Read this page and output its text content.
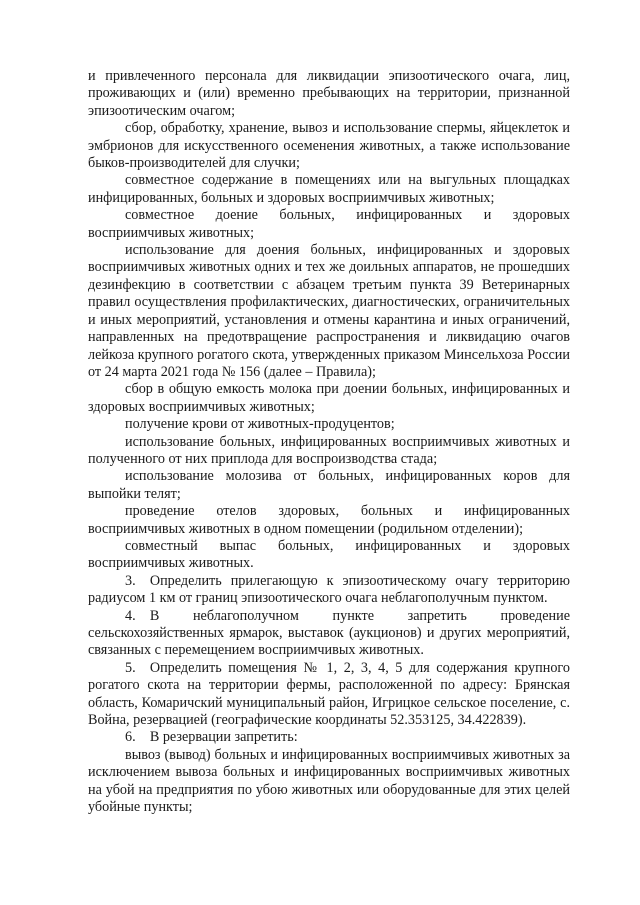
и привлеченного персонала для ликвидации эпизоотического очага, лиц, проживающих и (или) временно пребывающих на территории, признанной эпизоотическим очагом;

сбор, обработку, хранение, вывоз и использование спермы, яйцеклеток и эмбрионов для искусственного осеменения животных, а также использование быков-производителей для случки;

совместное содержание в помещениях или на выгульных площадках инфицированных, больных и здоровых восприимчивых животных;

совместное доение больных, инфицированных и здоровых восприимчивых животных;

использование для доения больных, инфицированных и здоровых восприимчивых животных одних и тех же доильных аппаратов, не прошедших дезинфекцию в соответствии с абзацем третьим пункта 39 Ветеринарных правил осуществления профилактических, диагностических, ограничительных и иных мероприятий, установления и отмены карантина и иных ограничений, направленных на предотвращение распространения и ликвидацию очагов лейкоза крупного рогатого скота, утвержденных приказом Минсельхоза России от 24 марта 2021 года № 156 (далее – Правила);

сбор в общую емкость молока при доении больных, инфицированных и здоровых восприимчивых животных;

получение крови от животных-продуцентов;

использование больных, инфицированных восприимчивых животных и полученного от них приплода для воспроизводства стада;

использование молозива от больных, инфицированных коров для выпойки телят;

проведение отелов здоровых, больных и инфицированных восприимчивых животных в одном помещении (родильном отделении);

совместный выпас больных, инфицированных и здоровых восприимчивых животных.

3. Определить прилегающую к эпизоотическому очагу территорию радиусом 1 км от границ эпизоотического очага неблагополучным пунктом.

4. В неблагополучном пункте запретить проведение сельскохозяйственных ярмарок, выставок (аукционов) и других мероприятий, связанных с перемещением восприимчивых животных.

5. Определить помещения № 1, 2, 3, 4, 5 для содержания крупного рогатого скота на территории фермы, расположенной по адресу: Брянская область, Комаричский муниципальный район, Игрицкое сельское поселение, с. Война, резервацией (географические координаты 52.353125, 34.422839).

6. В резервации запретить:

вывоз (вывод) больных и инфицированных восприимчивых животных за исключением вывоза больных и инфицированных восприимчивых животных на убой на предприятия по убою животных или оборудованные для этих целей убойные пункты;
